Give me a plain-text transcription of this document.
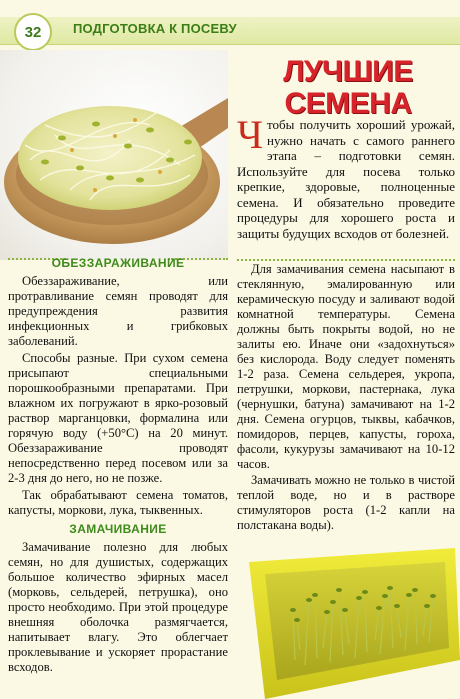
32 ПОДГОТОВКА К ПОСЕВУ
ЛУЧШИЕ
СЕМЕНА

Ч тобы получить хороший урожай, нужно начать с самого раннего этапа – подготовки семян. Используйте для посева только крепкие, здоровые, полноценные семена. И обязательно проведите процедуры для хорошего роста и защиты будущих всходов от болезней.

ОБЕЗЗАРАЖИВАНИЕ

Обеззараживание, или протравливание семян проводят для предупреждения развития инфекционных и грибковых заболеваний.

Способы разные. При сухом семена присыпают специальными порошкообразными препаратами. При влажном их погружают в ярко-розовый раствор марганцовки, формалина или горячую воду (+50°C) на 20 минут. Обеззараживание проводят непосредственно перед посевом или за 2-3 дня до него, но не позже.

Так обрабатывают семена томатов, капусты, моркови, лука, тыквенных.

ЗАМАЧИВАНИЕ

Замачивание полезно для любых семян, но для душистых, содержащих большое количество эфирных масел (морковь, сельдерей, петрушка), оно просто необходимо. При этой процедуре внешняя оболочка размягчается, напитывает влагу. Это облегчает проклевывание и ускоряет прорастание всходов.

Для замачивания семена насыпают в стеклянную, эмалированную или керамическую посуду и заливают водой комнатной температуры. Семена должны быть покрыты водой, но не залиты ею. Иначе они «задохнуться» без кислорода. Воду следует поменять 1-2 раза. Семена сельдерея, укропа, петрушки, моркови, пастернака, лука (чернушки, батуна) замачивают на 1-2 дня. Семена огурцов, тыквы, кабачков, помидоров, перцев, капусты, гороха, фасоли, кукурузы замачивают на 10-12 часов.

Замачивать можно не только в чистой теплой воде, но и в растворе стимуляторов роста (1-2 капли на полстакана воды).
